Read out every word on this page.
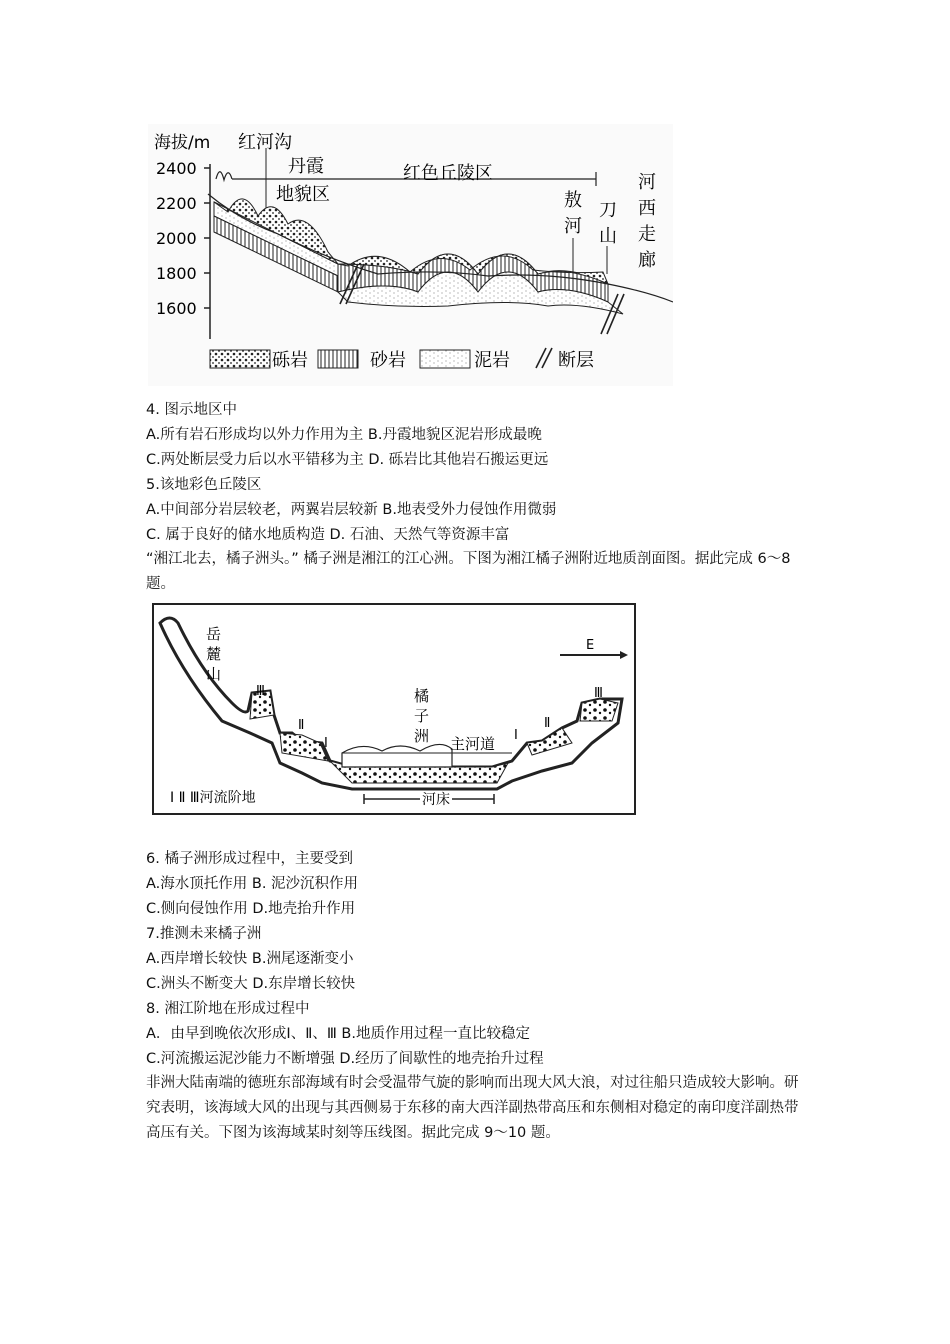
海拔/m
2400
2200
2000
1800
1600
红河沟
丹霞
地貌区
红色丘陵区
敖
河
刀
山
河
西
走
廊
砾岩	砂岩	泥岩	断层
4. 图示地区中
A.所有岩石形成均以外力作用为主 B.丹霞地貌区泥岩形成最晚
C.两处断层受力后以水平错移为主 D. 砾岩比其他岩石搬运更远
5.该地彩色丘陵区
A.中间部分岩层较老，两翼岩层较新 B.地表受外力侵蚀作用微弱
C. 属于良好的储水地质构造 D. 石油、天然气等资源丰富
“湘江北去，橘子洲头。” 橘子洲是湘江的江心洲。下图为湘江橘子洲附近地质剖面图。据此完成 6～8 题。
岳
麓
山
E
Ⅲ
Ⅱ
Ⅰ
橘
子
洲 主河道 Ⅰ
Ⅱ
Ⅲ
河床
Ⅰ Ⅱ Ⅲ河流阶地
6. 橘子洲形成过程中，主要受到
A.海水顶托作用 B. 泥沙沉积作用
C.侧向侵蚀作用 D.地壳抬升作用
7.推测未来橘子洲
A.西岸增长较快 B.洲尾逐渐变小
C.洲头不断变大 D.东岸增长较快
8. 湘江阶地在形成过程中
A．由早到晚依次形成Ⅰ、Ⅱ、Ⅲ B.地质作用过程一直比较稳定
C.河流搬运泥沙能力不断增强 D.经历了间歇性的地壳抬升过程
非洲大陆南端的德班东部海域有时会受温带气旋的影响而出现大风大浪，对过往船只造成较大影响。研究表明，该海域大风的出现与其西侧易于东移的南大西洋副热带高压和东侧相对稳定的南印度洋副热带高压有关。下图为该海域某时刻等压线图。据此完成 9～10 题。
